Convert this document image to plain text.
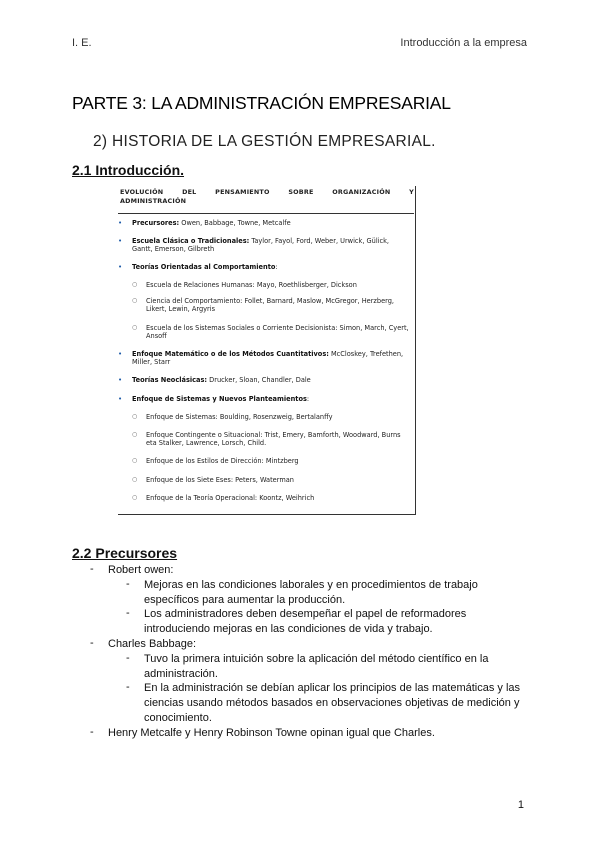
I. E.	Introducción a la empresa
PARTE 3: LA ADMINISTRACIÓN EMPRESARIAL
2) HISTORIA DE LA GESTIÓN EMPRESARIAL.
2.1 Introducción.
EVOLUCIÓN DEL PENSAMIENTO SOBRE ORGANIZACIÓN Y ADMINISTRACIÓN
•	Precursores: Owen, Babbage, Towne, Metcalfe
•	Escuela Clásica o Tradicionales: Taylor, Fayol, Ford, Weber, Urwick, Gülick, Gantt, Emerson, Gilbreth
•	Teorías Orientadas al Comportamiento:
○	Escuela de Relaciones Humanas: Mayo, Roethlisberger, Dickson
○	Ciencia del Comportamiento: Follet, Barnard, Maslow, McGregor, Herzberg, Likert, Lewin, Argyris
○	Escuela de los Sistemas Sociales o Corriente Decisionista: Simon, March, Cyert, Ansoff
•	Enfoque Matemático o de los Métodos Cuantitativos: McCloskey, Trefethen, Miller, Starr
•	Teorías Neoclásicas: Drucker, Sloan, Chandler, Dale
•	Enfoque de Sistemas y Nuevos Planteamientos:
○	Enfoque de Sistemas: Boulding, Rosenzweig, Bertalanffy
○	Enfoque Contingente o Situacional: Trist, Emery, Bamforth, Woodward, Burns eta Stalker, Lawrence, Lorsch, Child.
○	Enfoque de los Estilos de Dirección: Mintzberg
○	Enfoque de los Siete Eses: Peters, Waterman
○	Enfoque de la Teoría Operacional: Koontz, Weihrich
2.2 Precursores
- Robert owen:
- Mejoras en las condiciones laborales y en procedimientos de trabajo
específicos para aumentar la producción.
- Los administradores deben desempeñar el papel de reformadores
introduciendo mejoras en las condiciones de vida y trabajo.
- Charles Babbage:
- Tuvo la primera intuición sobre la aplicación del método científico en la
administración.
- En la administración se debían aplicar los principios de las matemáticas y las
ciencias usando métodos basados en observaciones objetivas de medición y
conocimiento.
- Henry Metcalfe y Henry Robinson Towne opinan igual que Charles.
1
